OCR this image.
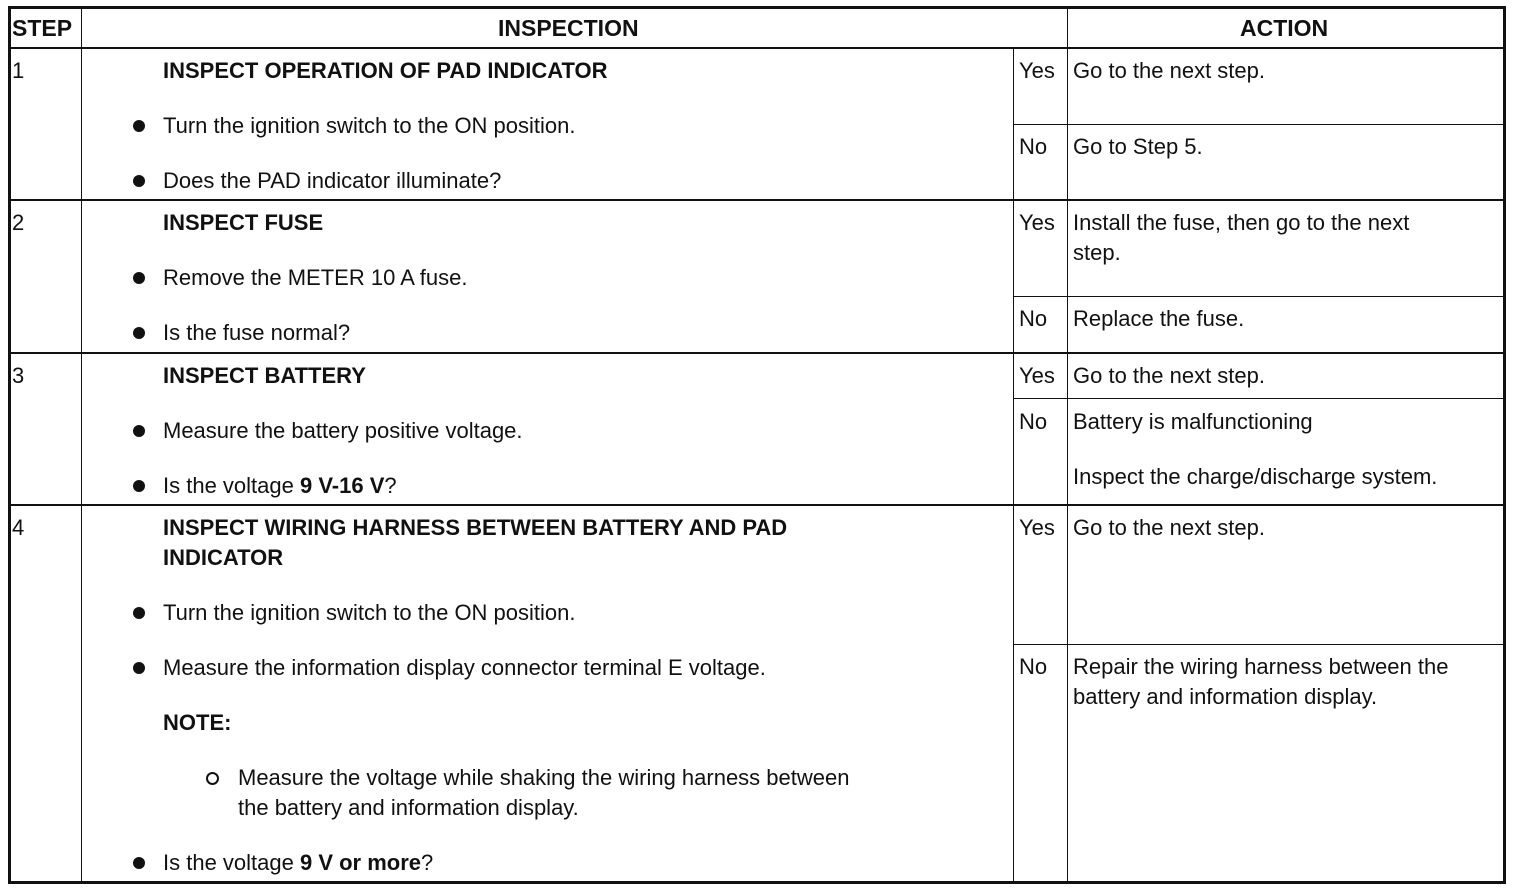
STEP	INSPECTION	ACTION
1	INSPECT OPERATION OF PAD INDICATOR
Turn the ignition switch to the ON position.
Does the PAD indicator illuminate?
Yes Go to the next step.
No Go to Step 5.
2	INSPECT FUSE
Remove the METER 10 A fuse.
Is the fuse normal?
Yes Install the fuse, then go to the next
step.
No Replace the fuse.
3	INSPECT BATTERY
Measure the battery positive voltage.
Is the voltage 9 V-16 V?
Yes Go to the next step.
No Battery is malfunctioning
Inspect the charge/discharge system.
4	INSPECT WIRING HARNESS BETWEEN BATTERY AND PAD
INDICATOR
Turn the ignition switch to the ON position.
Measure the information display connector terminal E voltage.
NOTE:
Measure the voltage while shaking the wiring harness between
the battery and information display.
Is the voltage 9 V or more?
Yes Go to the next step.
No Repair the wiring harness between the
battery and information display.
